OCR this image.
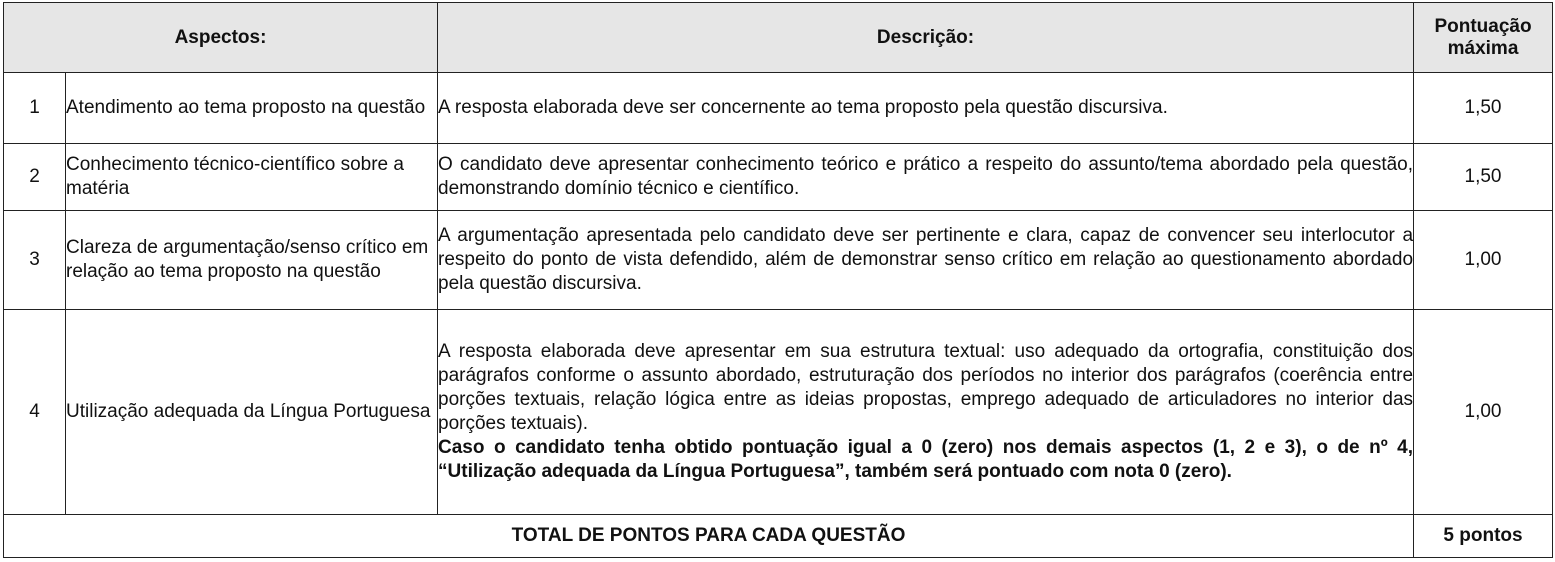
Aspectos:		Descrição:	Pontuação
máxima
1	Atendimento ao tema proposto na questão	A resposta elaborada deve ser concernente ao tema proposto pela questão discursiva.	1,50
2	Conhecimento técnico-científico sobre a matéria	O candidato deve apresentar conhecimento teórico e prático a respeito do assunto/tema abordado pela questão, demonstrando domínio técnico e científico.	1,50
3	Clareza de argumentação/senso crítico em relação ao tema proposto na questão	A argumentação apresentada pelo candidato deve ser pertinente e clara, capaz de convencer seu interlocutor a respeito do ponto de vista defendido, além de demonstrar senso crítico em relação ao questionamento abordado pela questão discursiva.	1,00
4	Utilização adequada da Língua Portuguesa	A resposta elaborada deve apresentar em sua estrutura textual: uso adequado da ortografia, constituição dos parágrafos conforme o assunto abordado, estruturação dos períodos no interior dos parágrafos (coerência entre porções textuais, relação lógica entre as ideias propostas, emprego adequado de articuladores no interior das porções textuais).
Caso o candidato tenha obtido pontuação igual a 0 (zero) nos demais aspectos (1, 2 e 3), o de nº 4, “Utilização adequada da Língua Portuguesa”, também será pontuado com nota 0 (zero).	1,00
TOTAL DE PONTOS PARA CADA QUESTÃO			5 pontos
